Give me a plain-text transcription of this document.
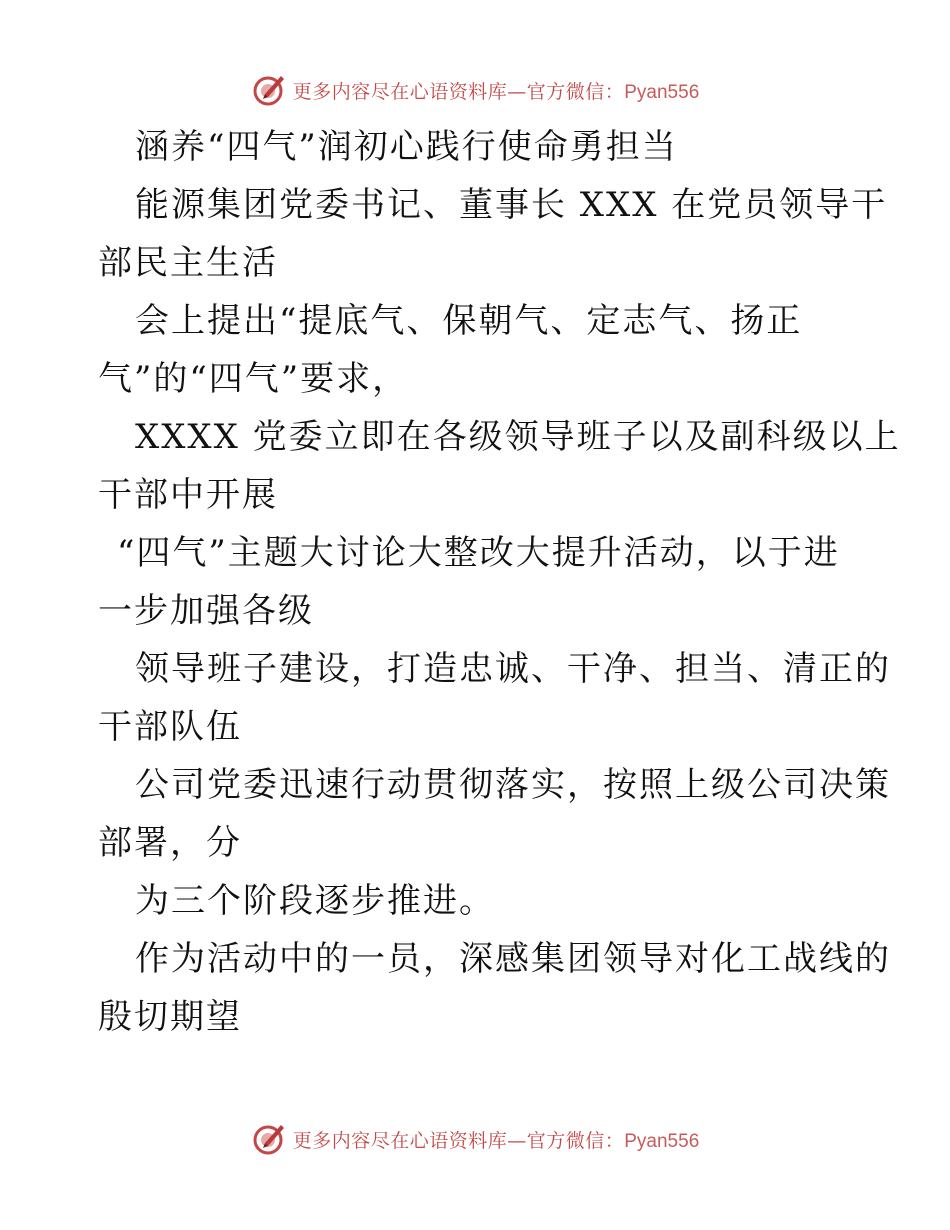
更多内容尽在心语资料库—官方微信：Pyan556
涵养“四气”润初心践行使命勇担当
能源集团党委书记、董事长 XXX 在党员领导干
部民主生活
会上提出“提底气、保朝气、定志气、扬正
气”的“四气”要求，
XXXX 党委立即在各级领导班子以及副科级以上
干部中开展
“四气”主题大讨论大整改大提升活动，以于进
一步加强各级
领导班子建设，打造忠诚、干净、担当、清正的
干部队伍
公司党委迅速行动贯彻落实，按照上级公司决策
部署，分
为三个阶段逐步推进。
作为活动中的一员，深感集团领导对化工战线的
殷切期望
更多内容尽在心语资料库—官方微信：Pyan556
